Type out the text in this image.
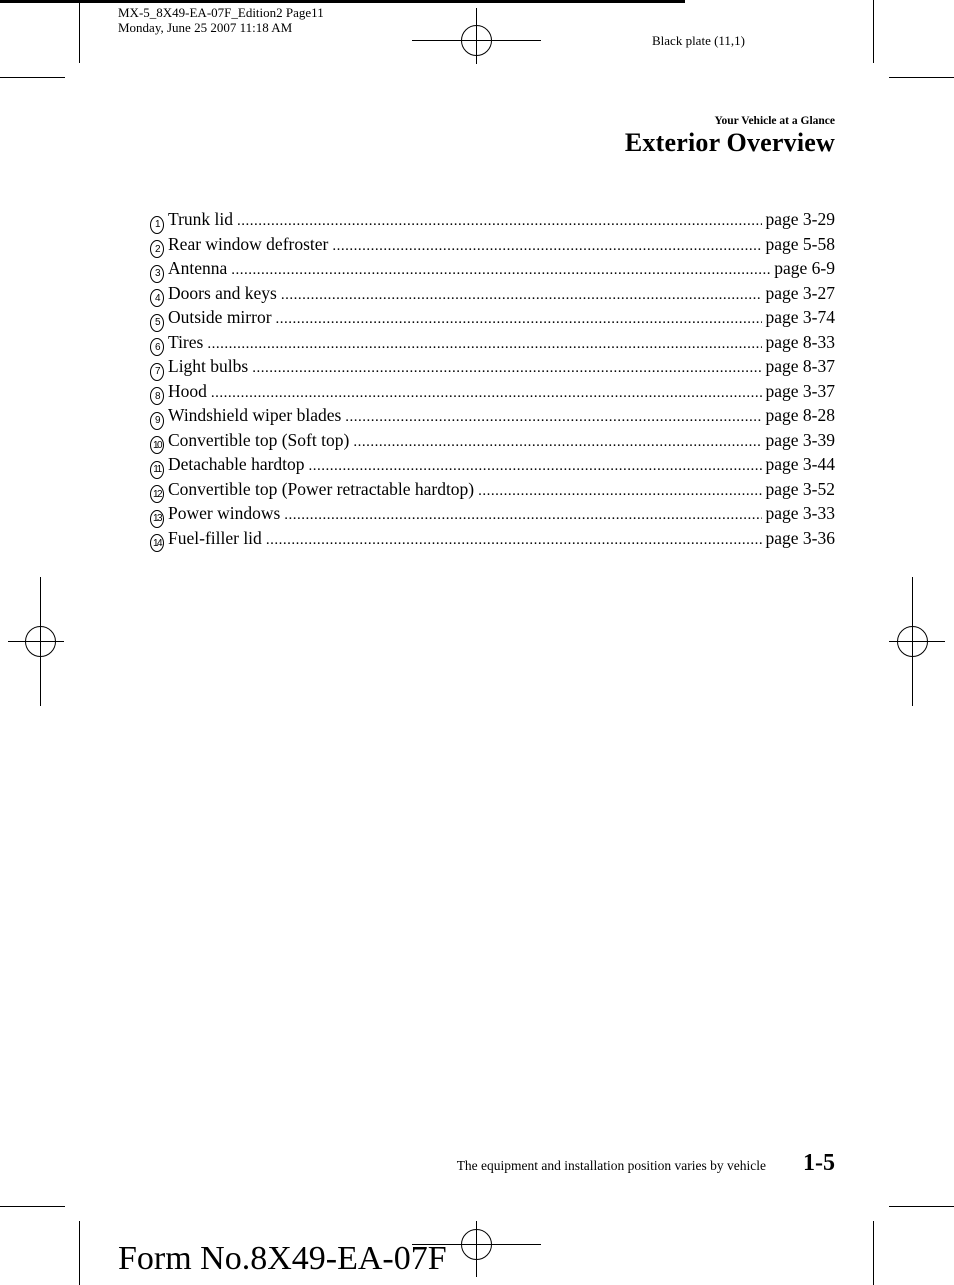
MX-5_8X49-EA-07F_Edition2 Page11
Monday, June 25 2007 11:18 AM
Black plate (11,1)
Your Vehicle at a Glance
Exterior Overview
1 Trunk lid .....	page 3-29
2 Rear window defroster .....	page 5-58
3 Antenna .....	page 6-9
4 Doors and keys .....	page 3-27
5 Outside mirror .....	page 3-74
6 Tires .....	page 8-33
7 Light bulbs .....	page 8-37
8 Hood .....	page 3-37
9 Windshield wiper blades .....	page 8-28
10 Convertible top (Soft top) .....	page 3-39
11 Detachable hardtop .....	page 3-44
12 Convertible top (Power retractable hardtop) .....	page 3-52
13 Power windows .....	page 3-33
14 Fuel-filler lid .....	page 3-36
The equipment and installation position varies by vehicle 1-5
Form No.8X49-EA-07F
